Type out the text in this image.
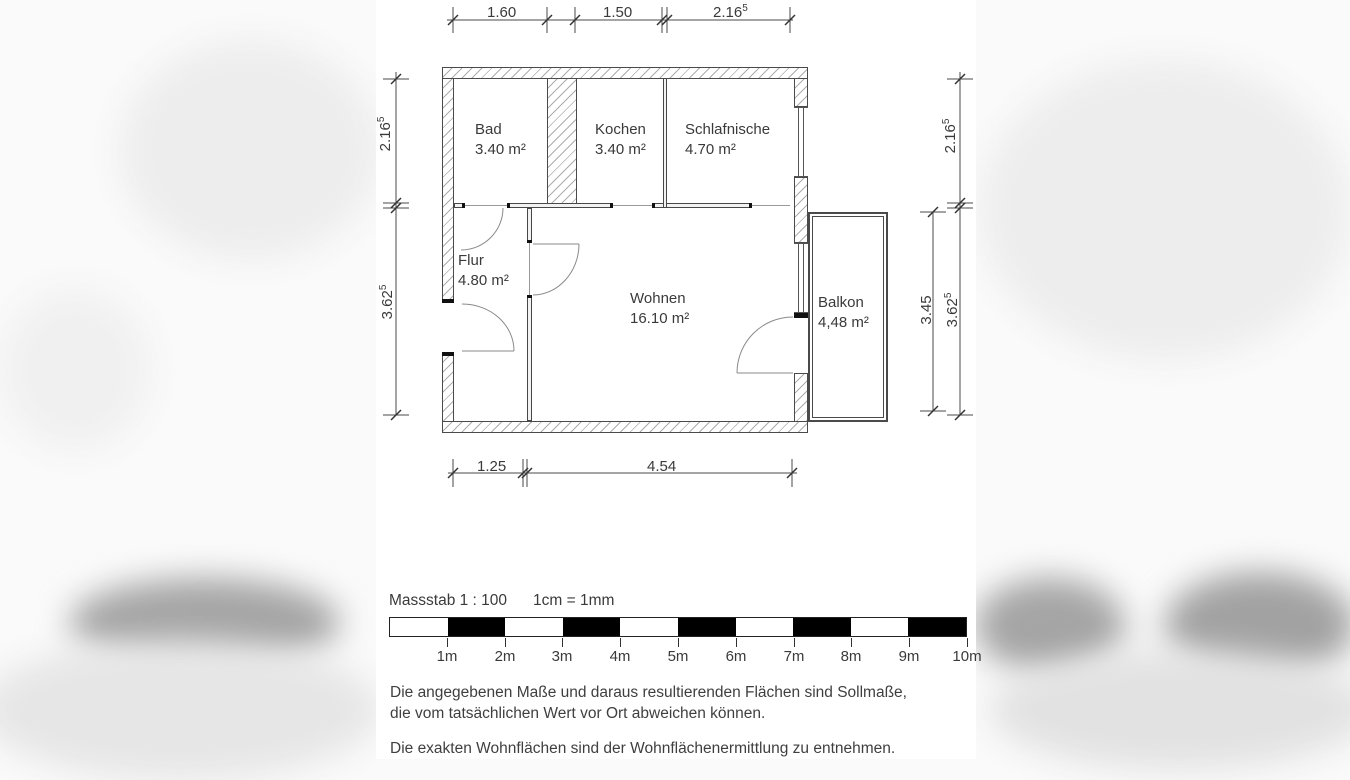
Bad
3.40 m²
Kochen
3.40 m²
Schlafnische
4.70 m²
Flur
4.80 m²
Wohnen
16.10 m²
Balkon
4,48 m²
1.60	1.50	2.16$^5$
2.16$^5$
3.62$^5$
2.16$^5$
3.62$^5$
3.45
1.25	4.54
Massstab 1 : 100 1cm = 1mm
1m	2m	3m	4m	5m	6m	7m	8m	9m	10m
Die angegebenen Maße und daraus resultierenden Flächen sind Sollmaße,
die vom tatsächlichen Wert vor Ort abweichen können.
Die exakten Wohnflächen sind der Wohnflächenermittlung zu entnehmen.
